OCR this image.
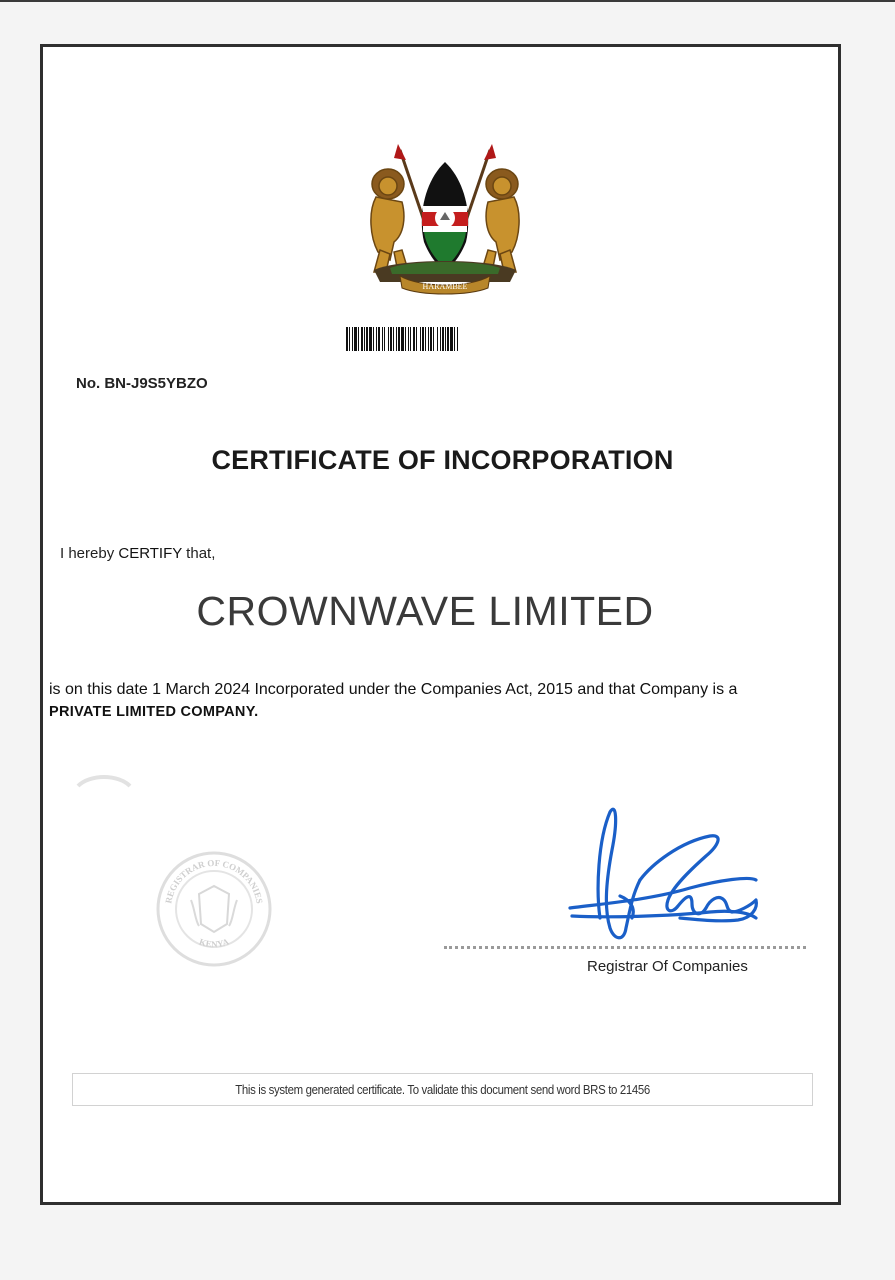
HARAMBEE
No. BN-J9S5YBZO
CERTIFICATE OF INCORPORATION
I hereby CERTIFY that,
CROWNWAVE LIMITED
is on this date 1 March 2024 Incorporated under the Companies Act, 2015 and that Company is a
PRIVATE LIMITED COMPANY.
REGISTRAR OF COMPANIES
KENYA
Registrar Of Companies
This is system generated certificate. To validate this document send word BRS to 21456
